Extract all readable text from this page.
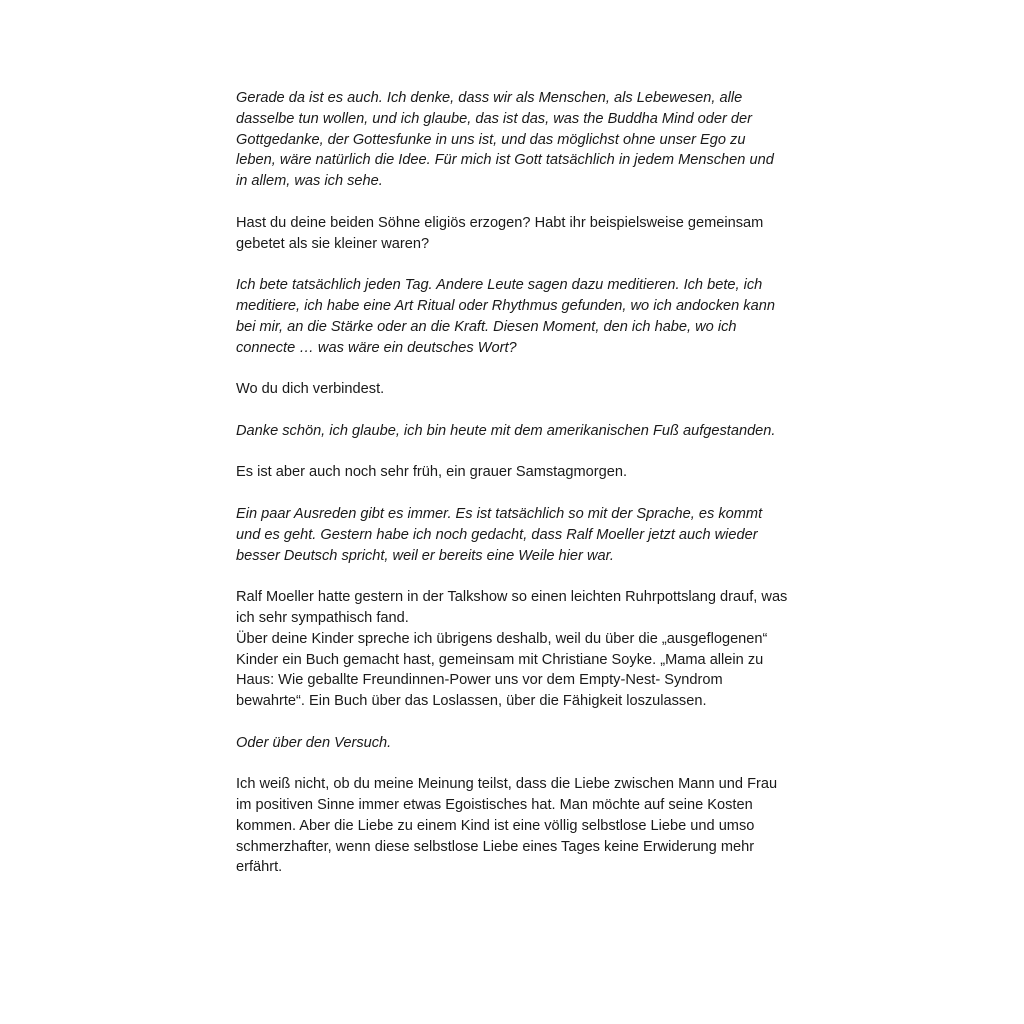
Gerade da ist es auch. Ich denke, dass wir als Menschen, als Lebewesen, alle dasselbe tun wollen, und ich glaube, das ist das, was the Buddha Mind oder der Gottgedanke, der Gottesfunke in uns ist, und das möglichst ohne unser Ego zu leben, wäre natürlich die Idee. Für mich ist Gott tatsächlich in jedem Menschen und in allem, was ich sehe.

Hast du deine beiden Söhne eligiös erzogen? Habt ihr beispielsweise gemeinsam gebetet als sie kleiner waren?

Ich bete tatsächlich jeden Tag. Andere Leute sagen dazu meditieren. Ich bete, ich meditiere, ich habe eine Art Ritual oder Rhythmus gefunden, wo ich andocken kann bei mir, an die Stärke oder an die Kraft. Diesen Moment, den ich habe, wo ich connecte … was wäre ein deutsches Wort?

Wo du dich verbindest.

Danke schön, ich glaube, ich bin heute mit dem amerikanischen Fuß aufgestanden.

Es ist aber auch noch sehr früh, ein grauer Samstagmorgen.

Ein paar Ausreden gibt es immer. Es ist tatsächlich so mit der Sprache, es kommt und es geht. Gestern habe ich noch gedacht, dass Ralf Moeller jetzt auch wieder besser Deutsch spricht, weil er bereits eine Weile hier war.

Ralf Moeller hatte gestern in der Talkshow so einen leichten Ruhrpottslang drauf, was ich sehr sympathisch fand.

Über deine Kinder spreche ich übrigens deshalb, weil du über die „ausgeflogenen“ Kinder ein Buch gemacht hast, gemeinsam mit Christiane Soyke. „Mama allein zu Haus: Wie geballte Freundinnen-Power uns vor dem Empty-Nest- Syndrom bewahrte“. Ein Buch über das Loslassen, über die Fähigkeit loszulassen.

Oder über den Versuch.

Ich weiß nicht, ob du meine Meinung teilst, dass die Liebe zwischen Mann und Frau im positiven Sinne immer etwas Egoistisches hat. Man möchte auf seine Kosten kommen. Aber die Liebe zu einem Kind ist eine völlig selbstlose Liebe und umso schmerzhafter, wenn diese selbstlose Liebe eines Tages keine Erwiderung mehr erfährt.
